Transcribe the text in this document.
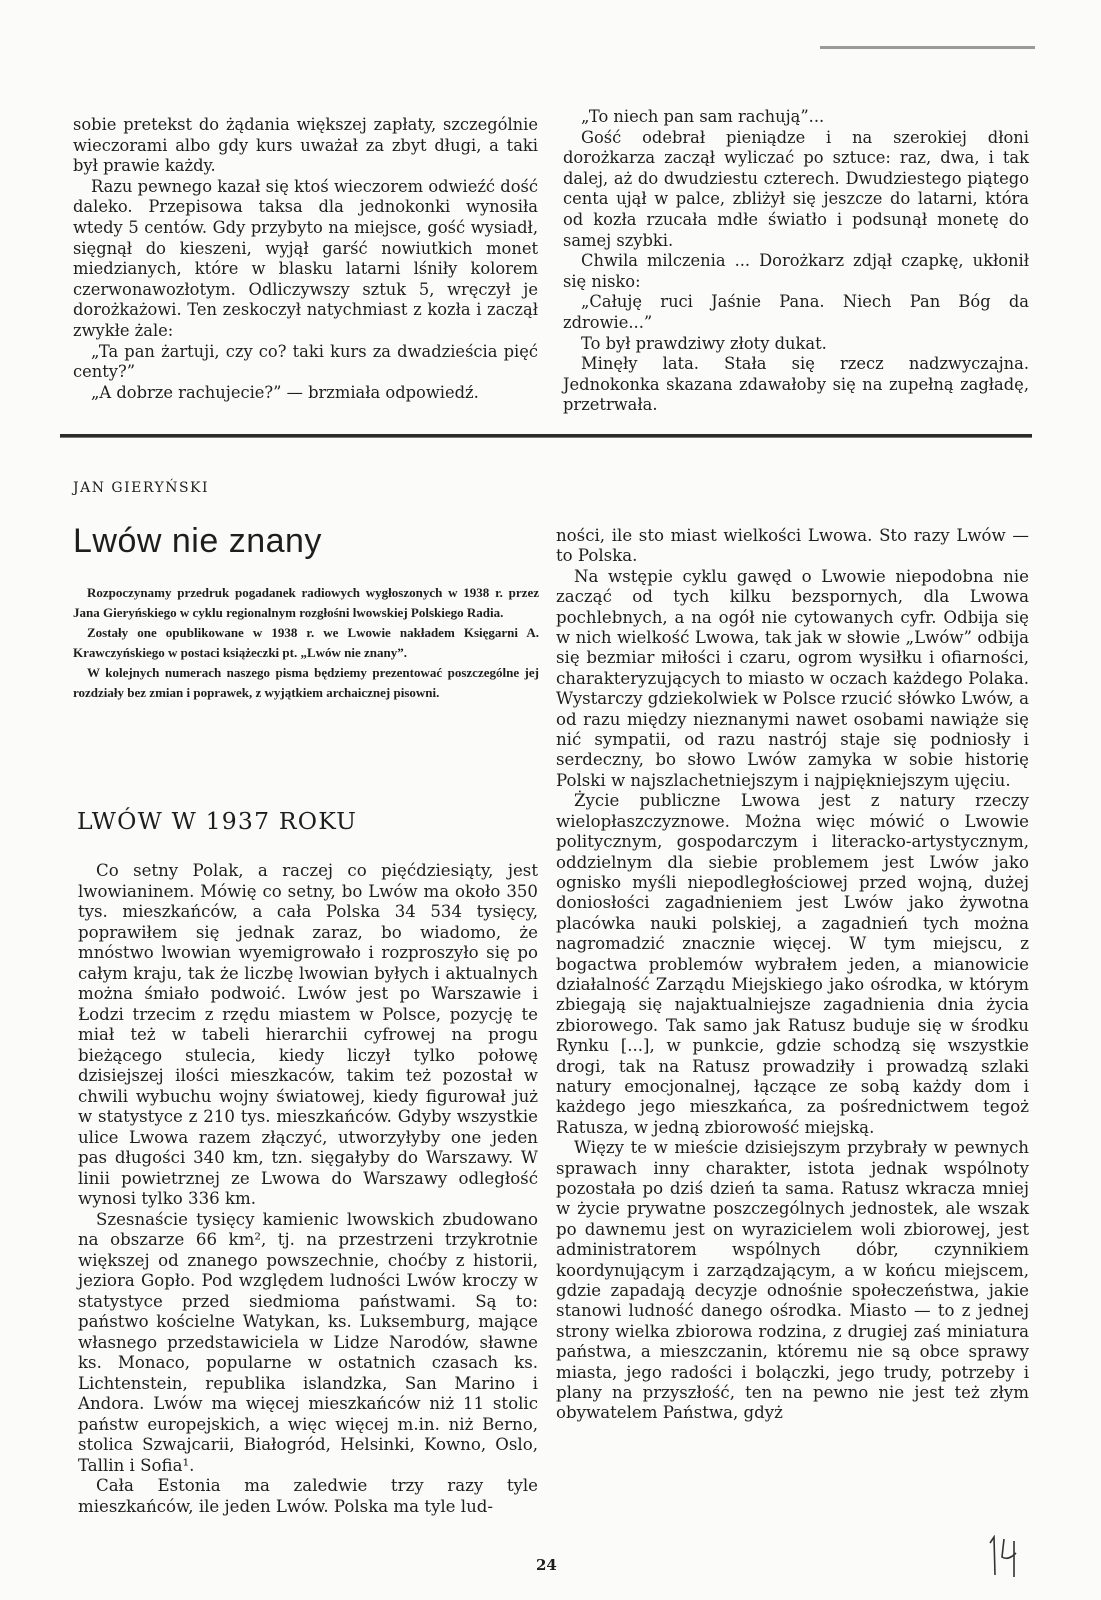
sobie pretekst do żądania większej zapłaty, szczególnie wieczorami albo gdy kurs uważał za zbyt długi, a taki był prawie każdy.

Razu pewnego kazał się ktoś wieczorem odwieźć dość daleko. Przepisowa taksa dla jednokonki wynosiła wtedy 5 centów. Gdy przybyto na miejsce, gość wysiadł, sięgnął do kieszeni, wyjął garść nowiutkich monet miedzianych, które w blasku latarni lśniły kolorem czerwonawozłotym. Odliczywszy sztuk 5, wręczył je dorożkażowi. Ten zeskoczył natychmiast z kozła i zaczął zwykłe żale:

„Ta pan żartuji, czy co? taki kurs za dwadzieścia pięć centy?”

„A dobrze rachujecie?” — brzmiała odpowiedź.

„To niech pan sam rachują”...

Gość odebrał pieniądze i na szerokiej dłoni dorożkarza zaczął wyliczać po sztuce: raz, dwa, i tak dalej, aż do dwudziestu czterech. Dwudziestego piątego centa ujął w palce, zbliżył się jeszcze do latarni, która od kozła rzucała mdłe światło i podsunął monetę do samej szybki.

Chwila milczenia ... Dorożkarz zdjął czapkę, ukłonił się nisko:

„Całuję ruci Jaśnie Pana. Niech Pan Bóg da zdrowie...”

To był prawdziwy złoty dukat.

Minęły lata. Stała się rzecz nadzwyczajna. Jednokonka skazana zdawałoby się na zupełną zagładę, przetrwała.

JAN GIERYŃSKI
Lwów nie znany

Rozpoczynamy przedruk pogadanek radiowych wygłoszonych w 1938 r. przez Jana Gieryńskiego w cyklu regionalnym rozgłośni lwowskiej Polskiego Radia.

Zostały one opublikowane w 1938 r. we Lwowie nakładem Księgarni A. Krawczyńskiego w postaci książeczki pt. „Lwów nie znany”.

W kolejnych numerach naszego pisma będziemy prezentować poszczególne jej rozdziały bez zmian i poprawek, z wyjątkiem archaicznej pisowni.

LWÓW W 1937 ROKU

Co setny Polak, a raczej co pięćdziesiąty, jest lwowianinem. Mówię co setny, bo Lwów ma około 350 tys. mieszkańców, a cała Polska 34 534 tysięcy, poprawiłem się jednak zaraz, bo wiadomo, że mnóstwo lwowian wyemigrowało i rozproszyło się po całym kraju, tak że liczbę lwowian byłych i aktualnych można śmiało podwoić. Lwów jest po Warszawie i Łodzi trzecim z rzędu miastem w Polsce, pozycję te miał też w tabeli hierarchii cyfrowej na progu bieżącego stulecia, kiedy liczył tylko połowę dzisiejszej ilości mieszkaców, takim też pozostał w chwili wybuchu wojny światowej, kiedy figurował już w statystyce z 210 tys. mieszkańców. Gdyby wszystkie ulice Lwowa razem złączyć, utworzyłyby one jeden pas długości 340 km, tzn. sięgałyby do Warszawy. W linii powietrznej ze Lwowa do Warszawy odległość wynosi tylko 336 km.

Szesnaście tysięcy kamienic lwowskich zbudowano na obszarze 66 km², tj. na przestrzeni trzykrotnie większej od znanego powszechnie, choćby z historii, jeziora Gopło. Pod względem ludności Lwów kroczy w statystyce przed siedmioma państwami. Są to: państwo kościelne Watykan, ks. Luksemburg, mające własnego przedstawiciela w Lidze Narodów, sławne ks. Monaco, popularne w ostatnich czasach ks. Lichtenstein, republika islandzka, San Marino i Andora. Lwów ma więcej mieszkańców niż 11 stolic państw europejskich, a więc więcej m.in. niż Berno, stolica Szwajcarii, Białogród, Helsinki, Kowno, Oslo, Tallin i Sofia¹.

Cała Estonia ma zaledwie trzy razy tyle mieszkańców, ile jeden Lwów. Polska ma tyle lud-

ności, ile sto miast wielkości Lwowa. Sto razy Lwów — to Polska.

Na wstępie cyklu gawęd o Lwowie niepodobna nie zacząć od tych kilku bezspornych, dla Lwowa pochlebnych, a na ogół nie cytowanych cyfr. Odbija się w nich wielkość Lwowa, tak jak w słowie „Lwów” odbija się bezmiar miłości i czaru, ogrom wysiłku i ofiarności, charakteryzujących to miasto w oczach każdego Polaka. Wystarczy gdziekolwiek w Polsce rzucić słówko Lwów, a od razu między nieznanymi nawet osobami nawiąże się nić sympatii, od razu nastrój staje się podniosły i serdeczny, bo słowo Lwów zamyka w sobie historię Polski w najszlachetniejszym i najpiękniejszym ujęciu.

Życie publiczne Lwowa jest z natury rzeczy wielopłaszczyznowe. Można więc mówić o Lwowie politycznym, gospodarczym i literacko-artystycznym, oddzielnym dla siebie problemem jest Lwów jako ognisko myśli niepodległościowej przed wojną, dużej doniosłości zagadnieniem jest Lwów jako żywotna placówka nauki polskiej, a zagadnień tych można nagromadzić znacznie więcej. W tym miejscu, z bogactwa problemów wybrałem jeden, a mianowicie działalność Zarządu Miejskiego jako ośrodka, w którym zbiegają się najaktualniejsze zagadnienia dnia życia zbiorowego. Tak samo jak Ratusz buduje się w środku Rynku [...], w punkcie, gdzie schodzą się wszystkie drogi, tak na Ratusz prowadziły i prowadzą szlaki natury emocjonalnej, łączące ze sobą każdy dom i każdego jego mieszkańca, za pośrednictwem tegoż Ratusza, w jedną zbiorowość miejską.

Więzy te w mieście dzisiejszym przybrały w pewnych sprawach inny charakter, istota jednak wspólnoty pozostała po dziś dzień ta sama. Ratusz wkracza mniej w życie prywatne poszczególnych jednostek, ale wszak po dawnemu jest on wyrazicielem woli zbiorowej, jest administratorem wspólnych dóbr, czynnikiem koordynującym i zarządzającym, a w końcu miejscem, gdzie zapadają decyzje odnośnie społeczeństwa, jakie stanowi ludność danego ośrodka. Miasto — to z jednej strony wielka zbiorowa rodzina, z drugiej zaś miniatura państwa, a mieszczanin, któremu nie są obce sprawy miasta, jego radości i bolączki, jego trudy, potrzeby i plany na przyszłość, ten na pewno nie jest też złym obywatelem Państwa, gdyż

24
